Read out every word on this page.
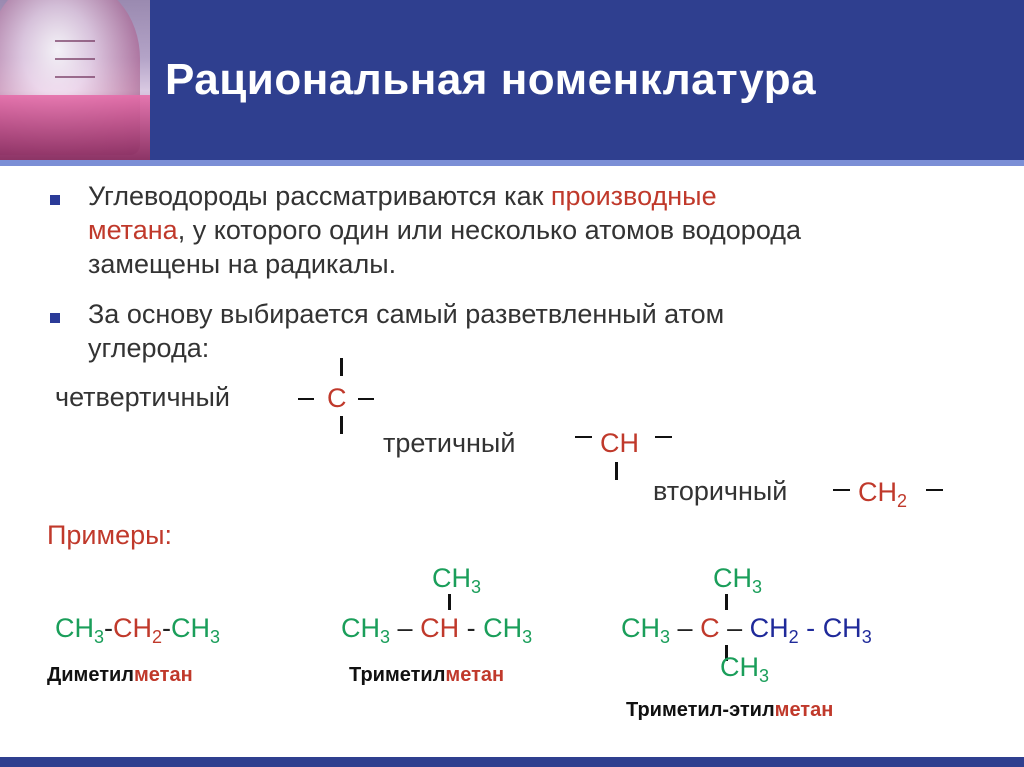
Рациональная номенклатура
Углеводороды рассматриваются как производные
метана, у которого один или несколько атомов водорода
замещены на радикалы.
За основу выбирается самый разветвленный атом
углерода:
четвертичный	C
третичный	CH
вторичный	$CH_2$
Примеры:
$CH_3-CH_2-CH_3$
Диметилметан
$CH_3$
$CH_3$ – CH - $CH_3$
Триметилметан
$CH_3$
$CH_3$ – C – $CH_2 - CH_3$
$CH_3$
Триметил-этилметан
